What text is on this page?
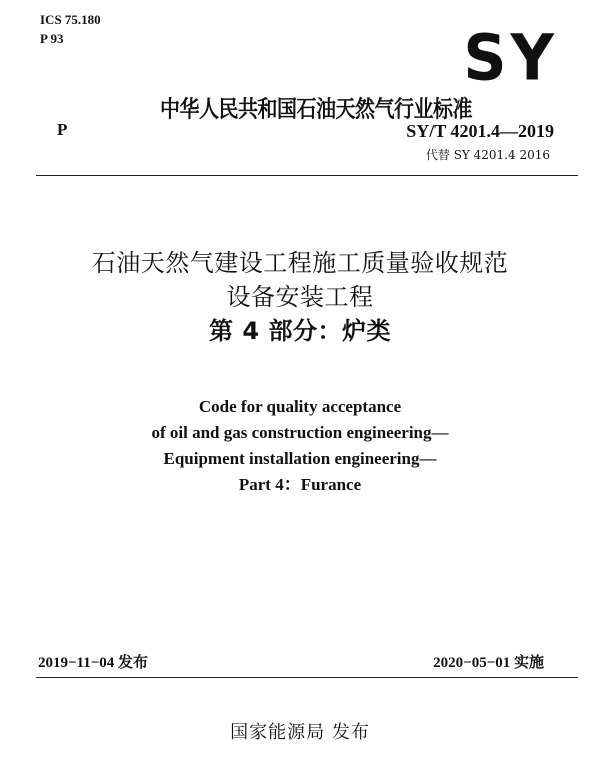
ICS 75.180
P 93	SY
中华人民共和国石油天然气行业标准
P	SY/T 4201.4—2019
代替 SY 4201.4 2016

石油天然气建设工程施工质量验收规范

设备安装工程

第 4 部分：炉类

Code for quality acceptance

of oil and gas construction engineering—

Equipment installation engineering—

Part 4：Furance

2019−11−04 发布	2020−05−01 实施
国家能源局 发布
